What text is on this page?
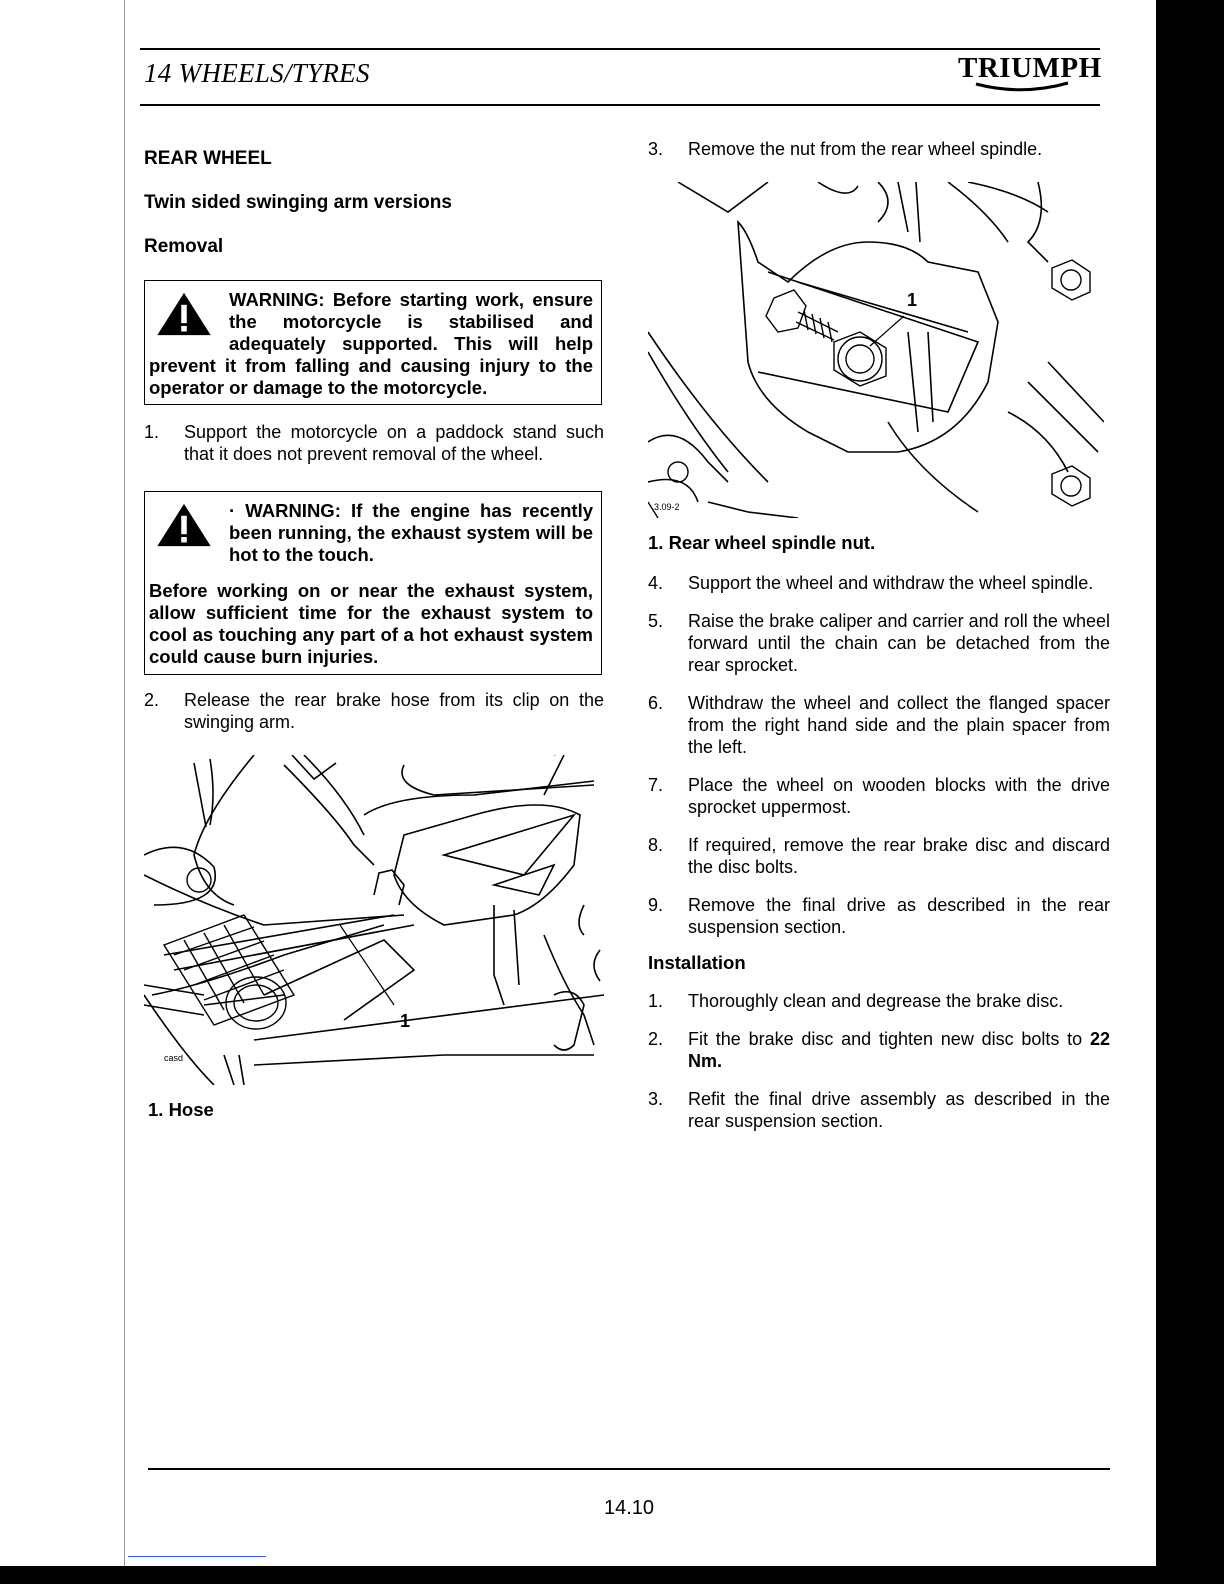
14 WHEELS/TYRES	TRIUMPH

REAR WHEEL

Twin sided swinging arm versions

Removal

WARNING: Before starting work, ensure the motorcycle is stabilised and adequately supported. This will help prevent it from falling and causing injury to the operator or damage to the motorcycle.
1.	Support the motorcycle on a paddock stand such that it does not prevent removal of the wheel.
· WARNING: If the engine has recently been running, the exhaust system will be hot to the touch.
Before working on or near the exhaust system, allow sufficient time for the exhaust system to cool as touching any part of a hot exhaust system could cause burn injuries.
2.	Release the rear brake hose from its clip on the swinging arm.
1
casd

1. Hose

3.	Remove the nut from the rear wheel spindle.
1
3.09-2

1. Rear wheel spindle nut.

4.	Support the wheel and withdraw the wheel spindle.
5.	Raise the brake caliper and carrier and roll the wheel forward until the chain can be detached from the rear sprocket.
6.	Withdraw the wheel and collect the flanged spacer from the right hand side and the plain spacer from the left.
7.	Place the wheel on wooden blocks with the drive sprocket uppermost.
8.	If required, remove the rear brake disc and discard the disc bolts.
9.	Remove the final drive as described in the rear suspension section.

Installation

1.	Thoroughly clean and degrease the brake disc.
2.	Fit the brake disc and tighten new disc bolts to 22 Nm.
3.	Refit the final drive assembly as described in the rear suspension section.
14.10
